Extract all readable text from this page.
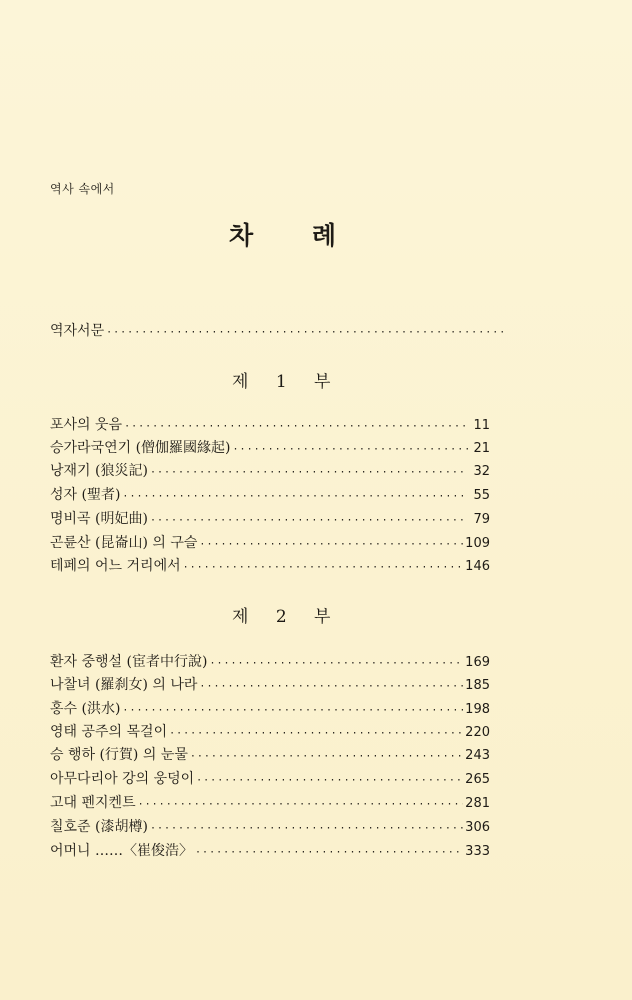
역사 속에서
차 례
역자서문
·····
제 1 부
포사의 웃음 ·····	11
승가라국연기 (僧伽羅國緣起) ·····	21
낭재기 (狼災記) ·····	32
성자 (聖者) ·····	55
명비곡 (明妃曲) ·····	79
곤륜산 (昆崙山) 의 구슬 ·····	109
테페의 어느 거리에서 ·····	146
제 2 부
환자 중행설 (宦者中行說) ·····	169
나찰녀 (羅刹女) 의 나라 ·····	185
홍수 (洪水) ·····	198
영태 공주의 목걸이 ·····	220
승 행하 (行賀) 의 눈물 ·····	243
아무다리아 강의 웅덩이 ·····	265
고대 펜지켄트 ·····	281
칠호준 (漆胡樽) ·····	306
어머니 ……〈崔俊浩〉 ·····	333
